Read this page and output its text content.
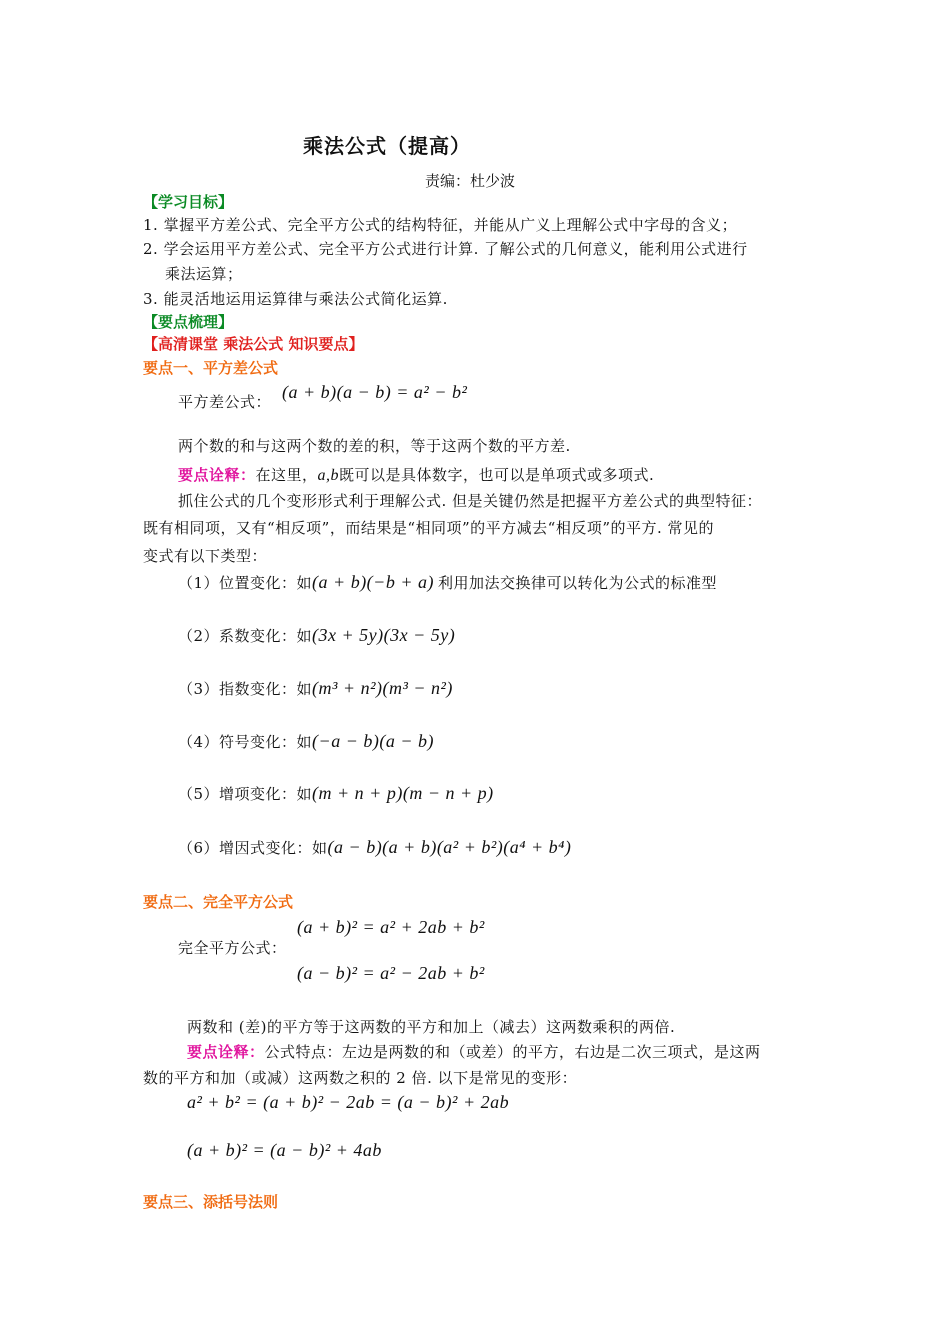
乘法公式（提高）
责编：杜少波
【学习目标】
1. 掌握平方差公式、完全平方公式的结构特征，并能从广义上理解公式中字母的含义；
2. 学会运用平方差公式、完全平方公式进行计算. 了解公式的几何意义，能利用公式进行
乘法运算；
3. 能灵活地运用运算律与乘法公式简化运算.
【要点梳理】
【高清课堂 乘法公式 知识要点】
要点一、平方差公式
平方差公式： (a + b)(a − b) = a² − b²
两个数的和与这两个数的差的积，等于这两个数的平方差.
要点诠释：在这里，a,b既可以是具体数字，也可以是单项式或多项式.
抓住公式的几个变形形式利于理解公式. 但是关键仍然是把握平方差公式的典型特征：
既有相同项，又有“相反项”，而结果是“相同项”的平方减去“相反项”的平方. 常见的
变式有以下类型：
（1）位置变化：如(a + b)(−b + a) 利用加法交换律可以转化为公式的标准型
（2）系数变化：如(3x + 5y)(3x − 5y)
（3）指数变化：如(m³ + n²)(m³ − n²)
（4）符号变化：如(−a − b)(a − b)
（5）增项变化：如(m + n + p)(m − n + p)
（6）增因式变化：如(a − b)(a + b)(a² + b²)(a⁴ + b⁴)
要点二、完全平方公式
完全平方公式：
(a + b)² = a² + 2ab + b²
(a − b)² = a² − 2ab + b²
两数和 (差)的平方等于这两数的平方和加上（减去）这两数乘积的两倍.
要点诠释：公式特点：左边是两数的和（或差）的平方，右边是二次三项式，是这两
数的平方和加（或减）这两数之积的 2 倍. 以下是常见的变形：
a² + b² = (a + b)² − 2ab = (a − b)² + 2ab
(a + b)² = (a − b)² + 4ab
要点三、添括号法则
